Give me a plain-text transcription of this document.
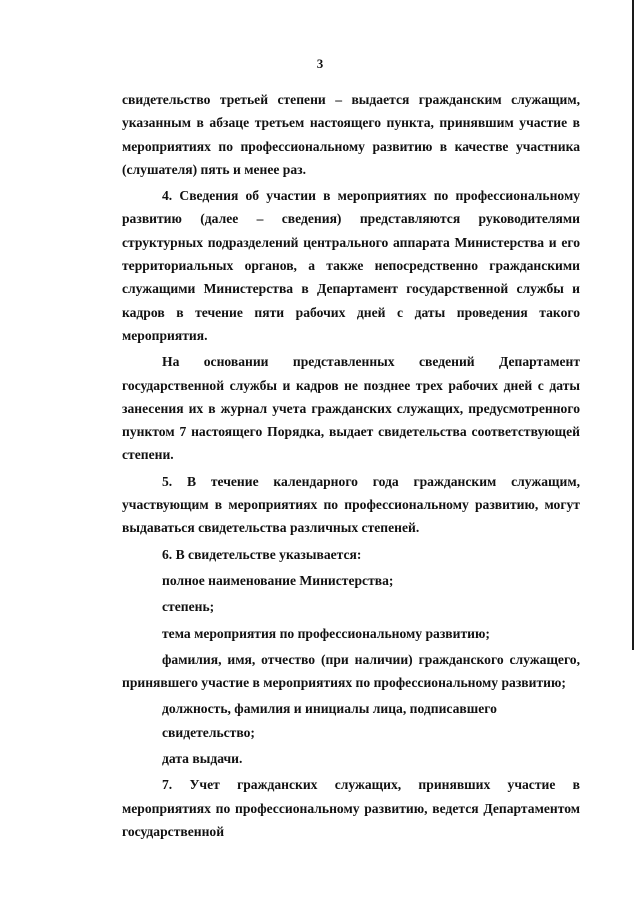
3

свидетельство третьей степени – выдается гражданским служащим, указанным в абзаце третьем настоящего пункта, принявшим участие в мероприятиях по профессиональному развитию в качестве участника (слушателя) пять и менее раз.

4. Сведения об участии в мероприятиях по профессиональному развитию (далее – сведения) представляются руководителями структурных подразделений центрального аппарата Министерства и его территориальных органов, а также непосредственно гражданскими служащими Министерства в Департамент государственной службы и кадров в течение пяти рабочих дней с даты проведения такого мероприятия.

На основании представленных сведений Департамент государственной службы и кадров не позднее трех рабочих дней с даты занесения их в журнал учета гражданских служащих, предусмотренного пунктом 7 настоящего Порядка, выдает свидетельства соответствующей степени.

5. В течение календарного года гражданским служащим, участвующим в мероприятиях по профессиональному развитию, могут выдаваться свидетельства различных степеней.

6. В свидетельстве указывается:

полное наименование Министерства;

степень;

тема мероприятия по профессиональному развитию;

фамилия, имя, отчество (при наличии) гражданского служащего, принявшего участие в мероприятиях по профессиональному развитию;

должность, фамилия и инициалы лица, подписавшего свидетельство;

дата выдачи.

7. Учет гражданских служащих, принявших участие в мероприятиях по профессиональному развитию, ведется Департаментом государственной
